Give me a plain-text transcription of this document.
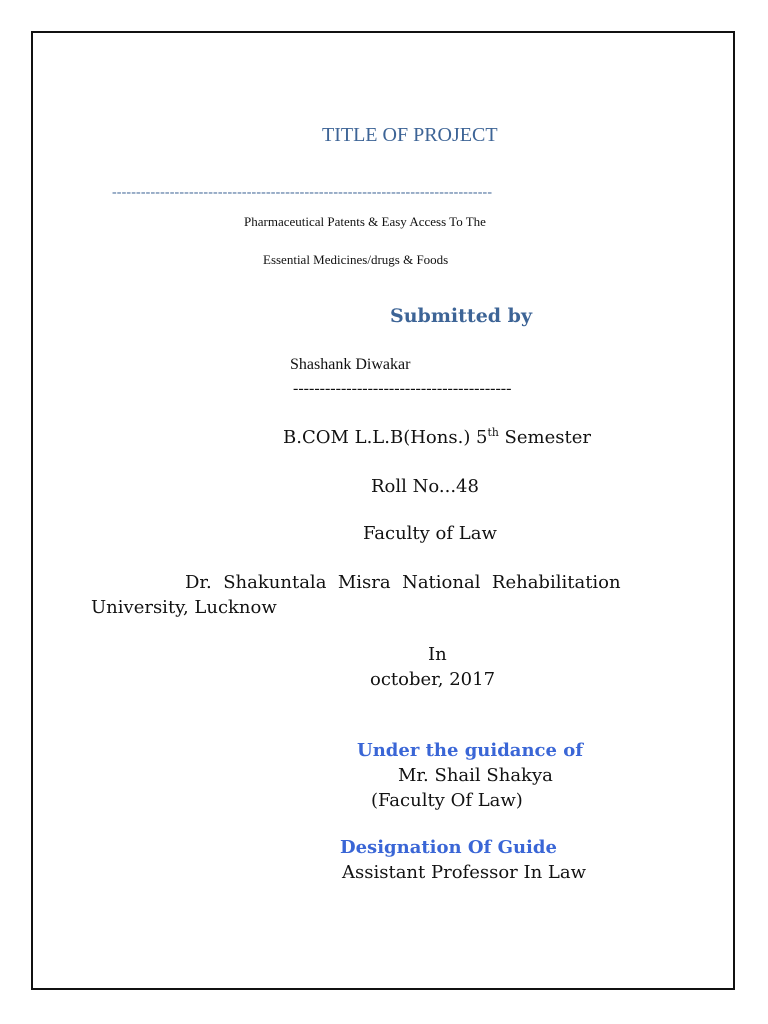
TITLE OF PROJECT

-------------------------------------------------------------------------------

Pharmaceutical Patents & Easy Access To The

Essential Medicines/drugs & Foods

Submitted by

Shashank Diwakar

-----------------------------------------

B.COM L.L.B(Hons.) 5th Semester

Roll No...48

Faculty of Law

Dr.  Shakuntala  Misra  National  Rehabilitation

University, Lucknow

In

october, 2017

Under the guidance of

Mr. Shail Shakya

(Faculty Of Law)

Designation Of Guide

Assistant Professor In Law
